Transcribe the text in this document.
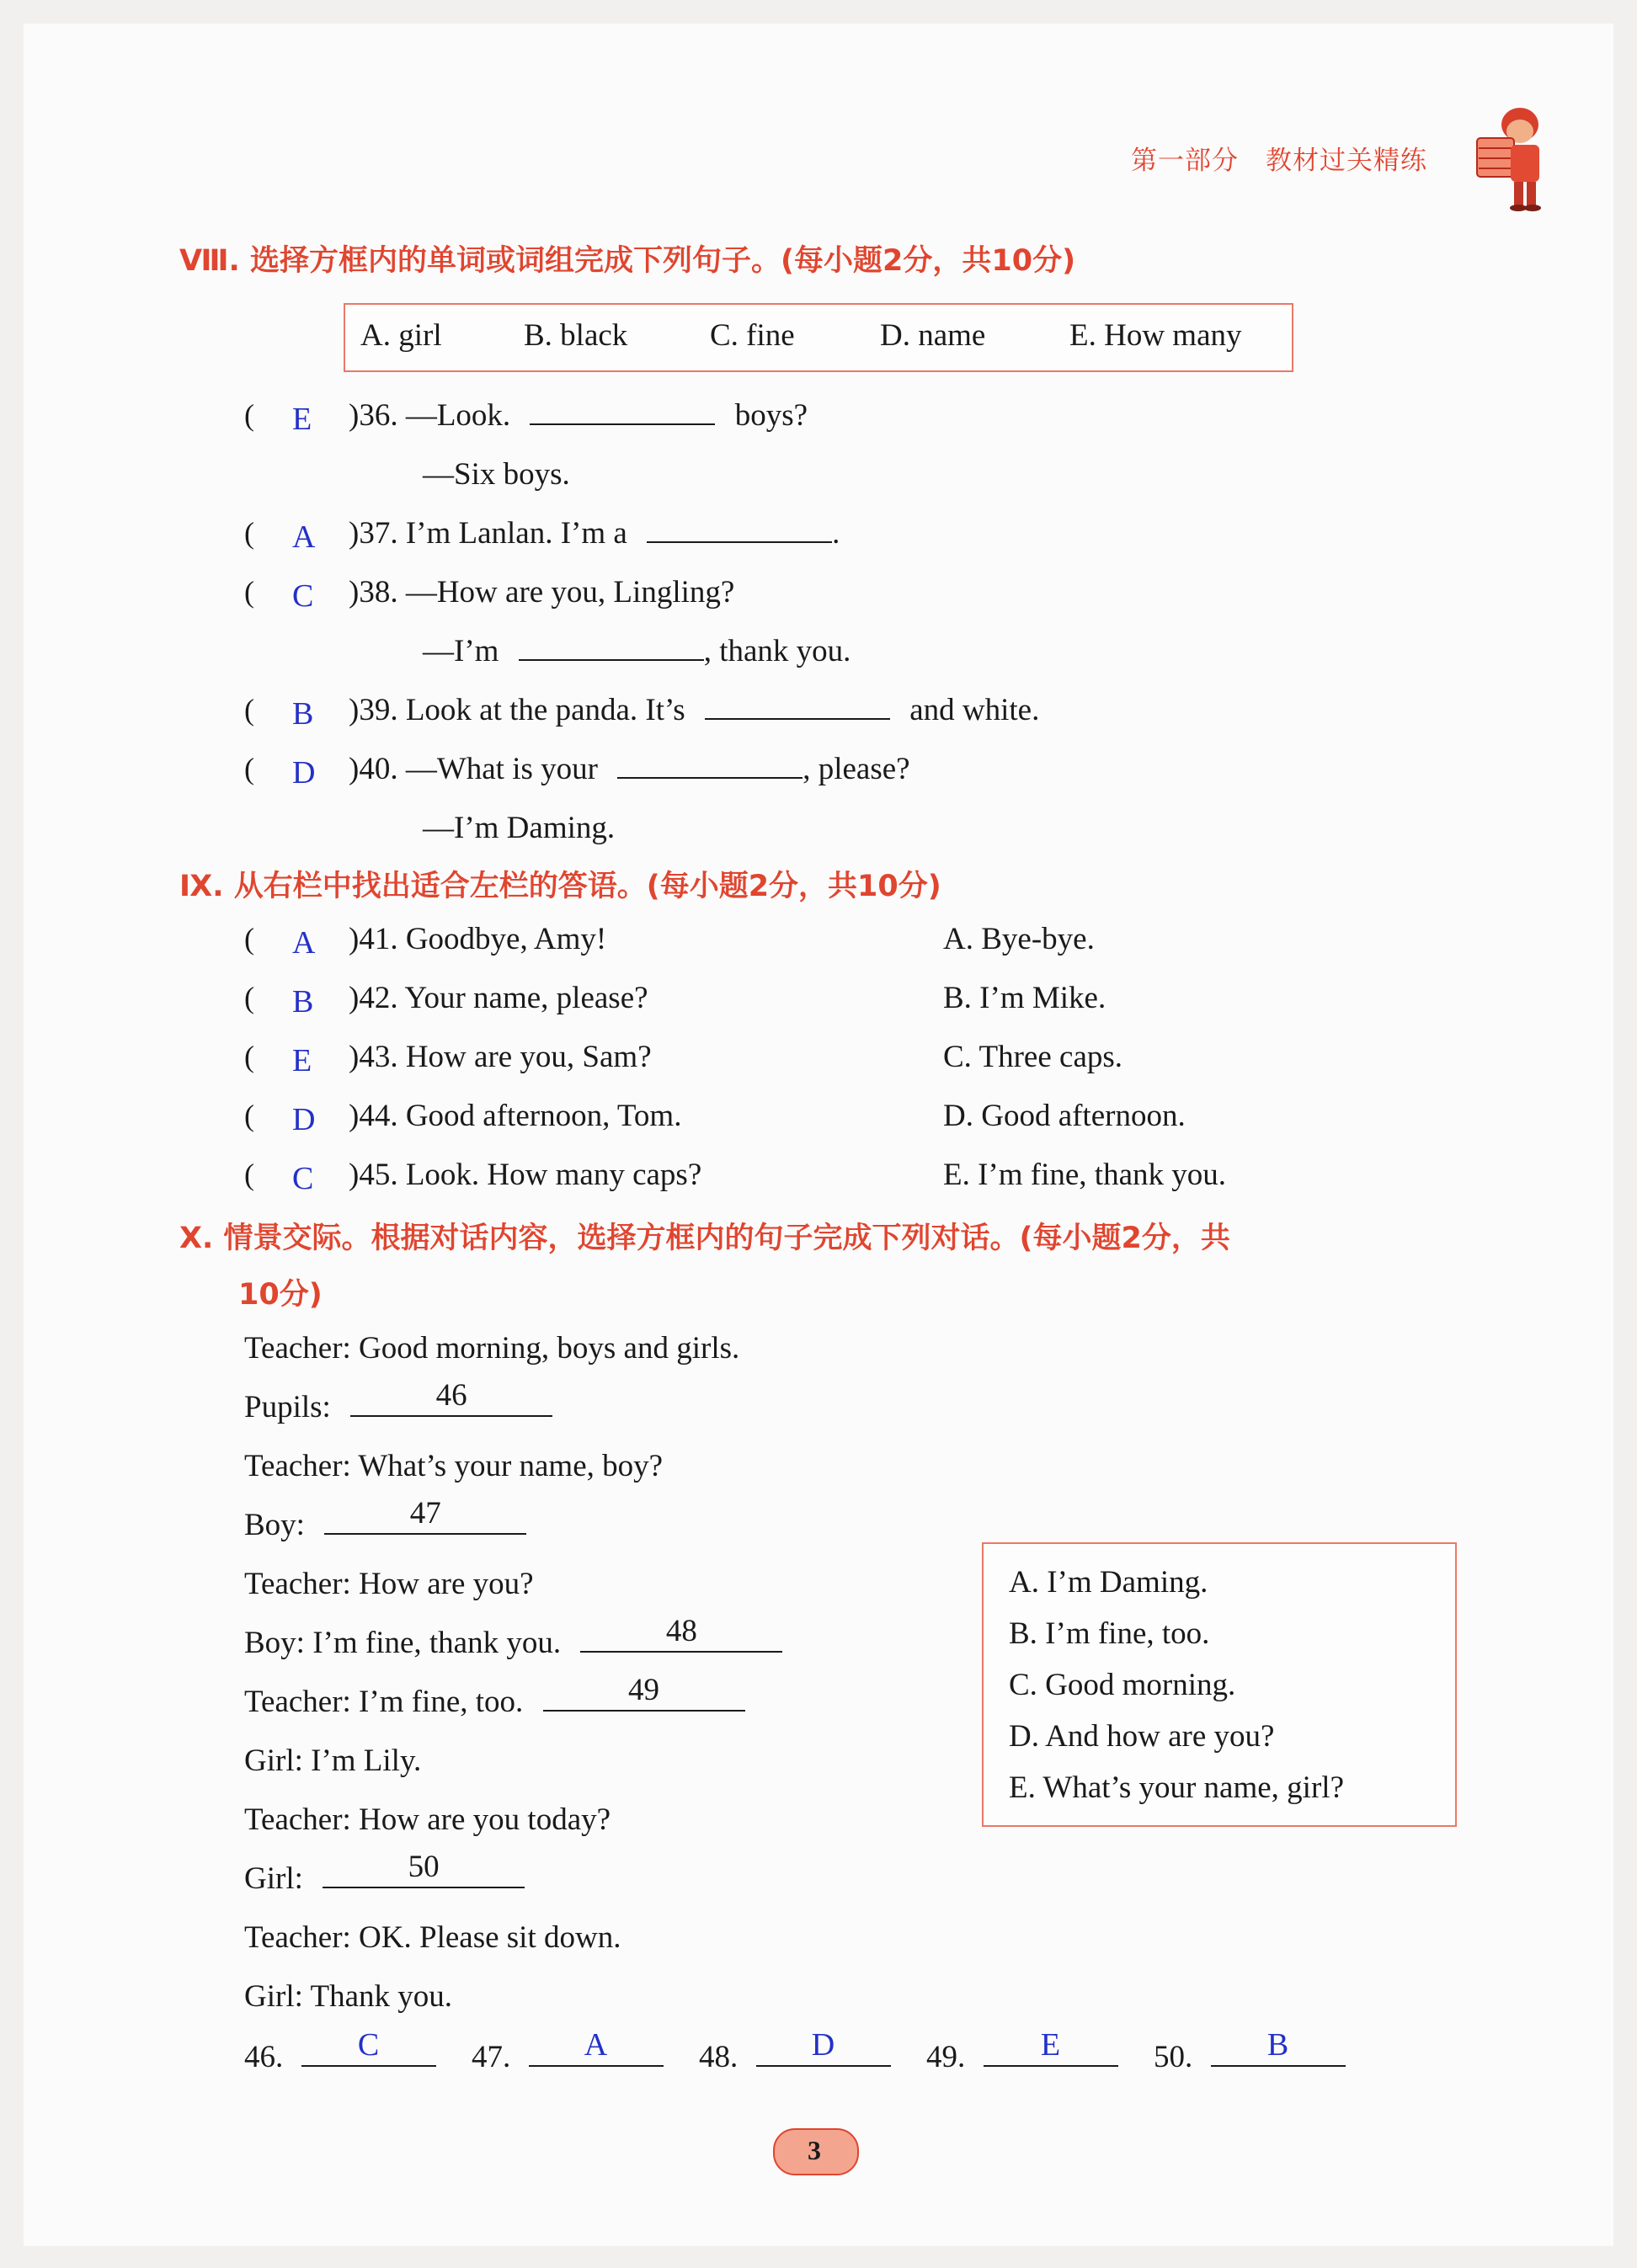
第一部分　教材过关精练
Ⅷ. 选择方框内的单词或词组完成下列句子。(每小题2分，共10分)
A. girl	B. black	C. fine	D. name	E. How many
( E )36. —Look.	boys?
—Six boys.
( A )37. I’m Lanlan. I’m a	.
( C )38. —How are you, Lingling?
—I’m	, thank you.
( B )39. Look at the panda. It’s	and white.
( D )40. —What is your	, please?
—I’m Daming.
Ⅸ. 从右栏中找出适合左栏的答语。(每小题2分，共10分)
( A )41. Goodbye, Amy!	A. Bye-bye.
( B )42. Your name, please?	B. I’m Mike.
( E )43. How are you, Sam?	C. Three caps.
( D )44. Good afternoon, Tom.	D. Good afternoon.
( C )45. Look. How many caps?	E. I’m fine, thank you.
Ⅹ. 情景交际。根据对话内容，选择方框内的句子完成下列对话。(每小题2分，共
10分)
Teacher: Good morning, boys and girls.
Pupils:	46
Teacher: What’s your name, boy?
Boy:	47
Teacher: How are you?
Boy: I’m fine, thank you.	48
Teacher: I’m fine, too.	49
Girl: I’m Lily.
Teacher: How are you today?
Girl:	50
Teacher: OK. Please sit down.
Girl: Thank you.
A. I’m Daming.
B. I’m fine, too.
C. Good morning.
D. And how are you?
E. What’s your name, girl?
46.	C	47.	A	48.	D	49.	E	50.	B
3
